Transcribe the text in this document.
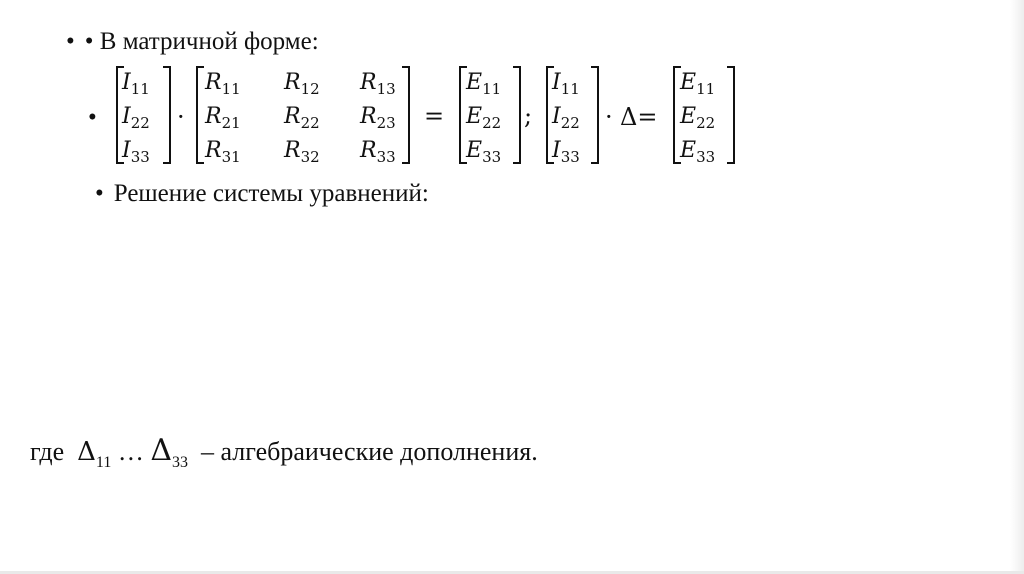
• • В матричной форме:
•
$I_{11}$
$I_{22}$
$I_{33}$
·
$R_{11}$ $R_{12}$ $R_{13}$
$R_{21}$ $R_{22}$ $R_{23}$
$R_{31}$ $R_{32}$ $R_{33}$
=
$E_{11}$
$E_{22}$
$E_{33}$
;
$I_{11}$
$I_{22}$
$I_{33}$
· Δ=
$E_{11}$
$E_{22}$
$E_{33}$
• Решение системы уравнений:
где $\Delta_{11}$ … $\Delta_{33}$ – алгебраические дополнения.
